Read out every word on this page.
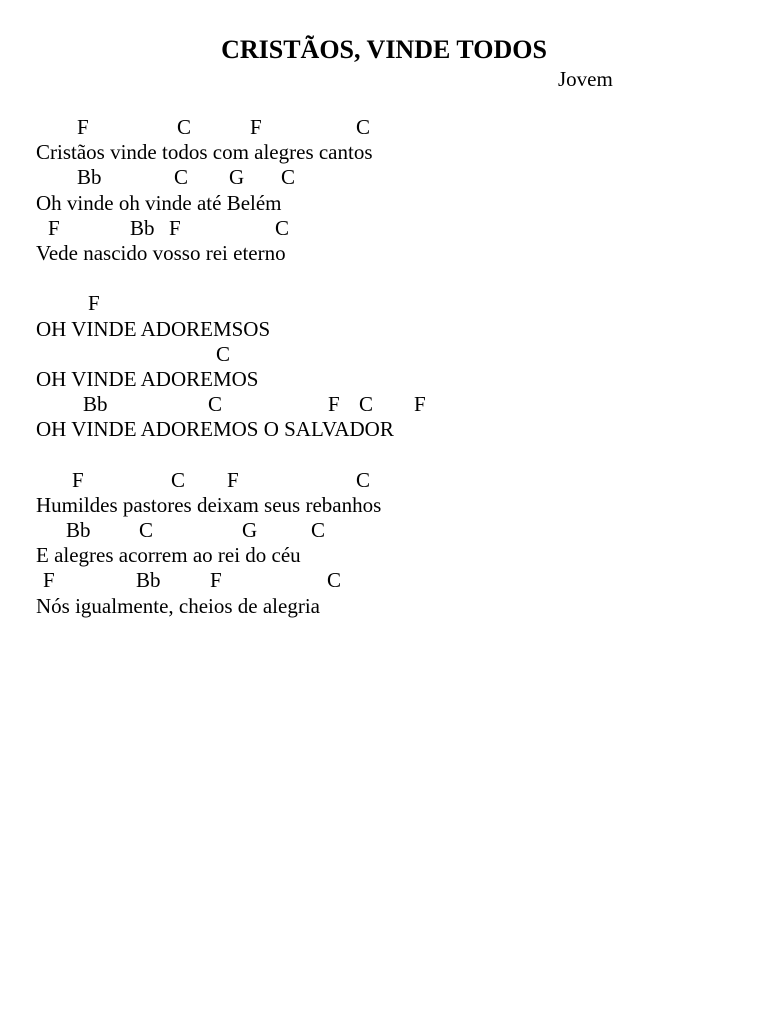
CRISTÃOS, VINDE TODOS
Jovem

F

	C

	F

	C

Cristãos vinde todos com alegres cantos

Bb

	C

G

C

Oh vinde oh vinde até Belém

F

	Bb

F

	C

Vede nascido vosso rei eterno

F

OH VINDE ADOREMSOS

C

OH VINDE ADOREMOS

Bb

	C

	F

C

F

OH VINDE ADOREMOS O SALVADOR

F

	C

F

	C

Humildes pastores deixam seus rebanhos

Bb

C

	G

	C

E alegres acorrem ao rei do céu

F

	Bb

F

	C

Nós igualmente, cheios de alegria
